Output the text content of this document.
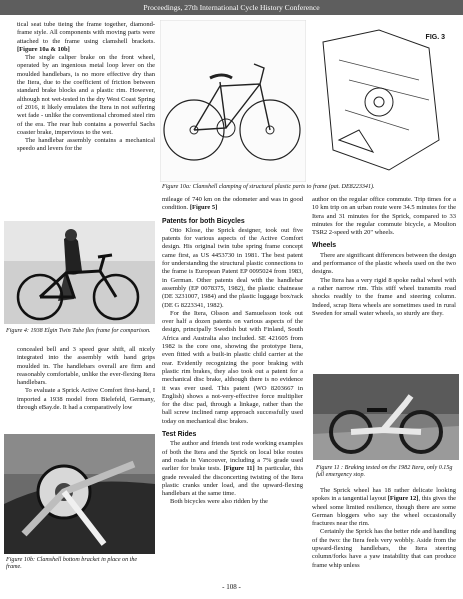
Proceedings, 27th International Cycle History Conference

tical seat tube tieing the frame together, diamond-frame style. All components with moving parts were attached to the frame using clamshell brackets. [Figure 10a & 10b]

The single caliper brake on the front wheel, operated by an ingenious metal loop lever on the moulded handlebars, is no more effective dry than the Itera, due to the coefficient of friction between standard brake blocks and a plastic rim. However, although not wet-tested in the dry West Coast Spring of 2016, it likely emulates the Itera in not suffering wet fade - unlike the conventional chromed steel rim of the era. The rear hub contains a powerful Sachs coaster brake, impervious to the wet.

The handlebar assembly contains a mechanical speedo and levers for the

Figure 4: 1938 Elgin Twin Tube flex frame for comparison.

concealed bell and 3 speed gear shift, all nicely integrated into the assembly with hand grips moulded in. The handlebars overall are firm and reasonably comfortable, unlike the ever-flexing Itera handlebars.

To evaluate a Sprick Active Comfort first-hand, I imported a 1938 model from Bielefeld, Germany, through eBay.de. It had a comparatively low

Figure 10b: Clamshell bottom bracket in place on the frame.
FIG. 3
Figure 10a: Clamshell clamping of structural plastic parts to frame (pat. DE8223341).

mileage of 740 km on the odometer and was in good condition. [Figure 5]

Patents for both Bicycles

Otto Klose, the Sprick designer, took out five patents for various aspects of the Active Comfort design. His original twin tube spring frame concept came first, as US 4453730 in 1981. The best patent for understanding the structural plastic connections to the frame is European Patent EP 0095024 from 1983, in German. Other patents deal with the handlebar assembly (EP 0078375, 1982), the plastic chainease (DE 3231007, 1984) and the plastic luggage box/rack (DE G 8223341, 1982).

For the Itera, Olsson and Samuelsson took out over half a dozen patents on various aspects of the design, principally Swedish but with Finland, South Africa and Australia also included. SE 421605 from 1982 is the core one, showing the prototype Itera, even fitted with a built-in plastic child carrier at the rear. Evidently recognizing the poor braking with plastic rim brakes, they also took out a patent for a mechanical disc brake, although there is no evidence it was ever used. This patent (WO 8203667 in English) shows a not-very-effective force multiplier for the disc pad, through a linkage, rather than the ball screw inclined ramp approach successfully used today on mechanical disc brakes.

Test Rides

The author and friends test rode working examples of both the Itera and the Sprick on local bike routes and roads in Vancouver, including a 7% grade used earlier for brake tests. [Figure 11] In particular, this grade revealed the disconcerting twisting of the Itera plastic cranks under load, and the upward-flexing handlebars at the same time.

Both bicycles were also ridden by the

author on the regular office commute. Trip times for a 10 km trip on an urban route were 34.5 minutes for the Itera and 31 minutes for the Sprick, compared to 33 minutes for the regular commute bicycle, a Moulton TSR2 2-speed with 20" wheels.

Wheels

There are significant differences between the design and performance of the plastic wheels used on the two designs.

The Itera has a very rigid 8 spoke radial wheel with a rather narrow rim. This stiff wheel transmits road shocks readily to the frame and steering column. Indeed, scrap Itera wheels are sometimes used in rural Sweden for small water wheels, so sturdy are they.

Figure 11 : Braking tested on the 1982 Itera, only 0.15g full emergency stop.

The Sprick wheel has 18 rather delicate looking spokes in a tangential layout [Figure 12], this gives the wheel some limited resilience, though there are some German bloggers who say the wheel occasionally fractures near the rim.

Certainly the Sprick has the better ride and handling of the two: the Itera feels very wobbly. Aside from the upward-flexing handlebars, the Itera steering column/forks have a yaw instability that can produce frame whip unless

- 108 -
